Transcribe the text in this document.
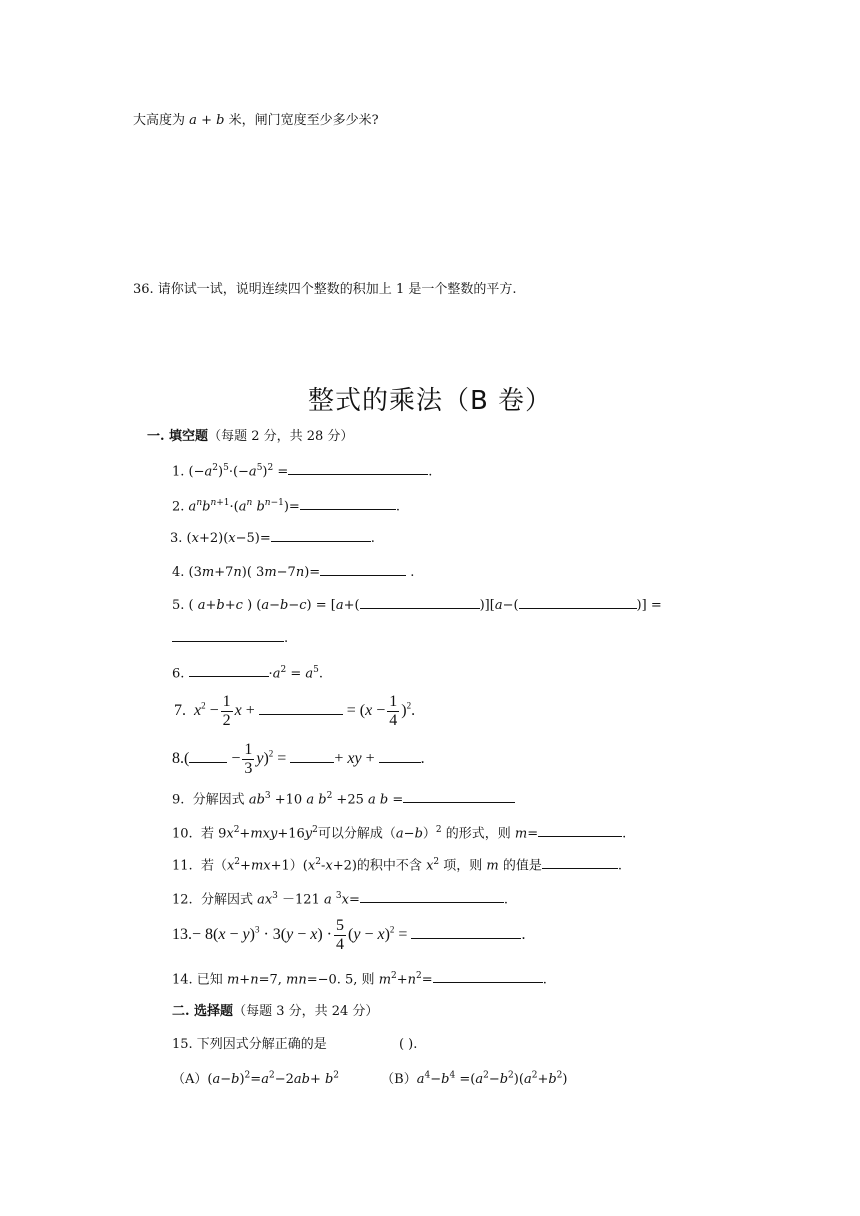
大高度为 a + b 米，闸门宽度至少多少米?
36. 请你试一试，说明连续四个整数的积加上 1 是一个整数的平方.
整式的乘法（B 卷）
一. 填空题（每题 2 分，共 28 分）
1. $(-a^2)^5\cdot(-a^5)^2$ =	.
2. $a^nb^{n+1}\cdot(a^n$ $b^{n-1})=$	.
3. (x+2)(x−5)=	.
4. (3m+7n)( 3m−7n)=	.
5. ( a+b+c ) (a−b−c) = [a+(	)][a−(	)] =
.
6.	$\cdot a^2 = a^5$.
7.  $x^2 - \frac{1}{2}$ x +	= $(x - \frac{1}{4} )^2$.
$8.( - \frac{1}{3} y)^2$ =	+ xy +	.
9.  分解因式 $ab^3 +10$ a $b^2 +25$ a b =
10.  若 $9x^2+mxy+16y^2$可以分解成$(a-b)^2$ 的形式，则 m=	.
11.  若$(x^2+mx+1)(x^2-x+2)$的积中不含 $x^2$ 项，则 m 的值是	.
12.  分解因式 $ax^3 -121$ a $^3$x=	.
$13.- 8(x - y)^3 \cdot 3(y - x) \cdot \frac{5}{4} (y - x)^2$ =	.
14. 已知 m+n=7, mn=−0. 5, 则 $m^2+n^2=$	.
二. 选择题（每题 3 分，共 24 分）
15. 下列因式分解正确的是	( ).
$(A)(a-b)^2=a^2-2ab+ b^2$	$(B)a^4-b^4 =(a^2-b^2)(a^2+b^2)$
